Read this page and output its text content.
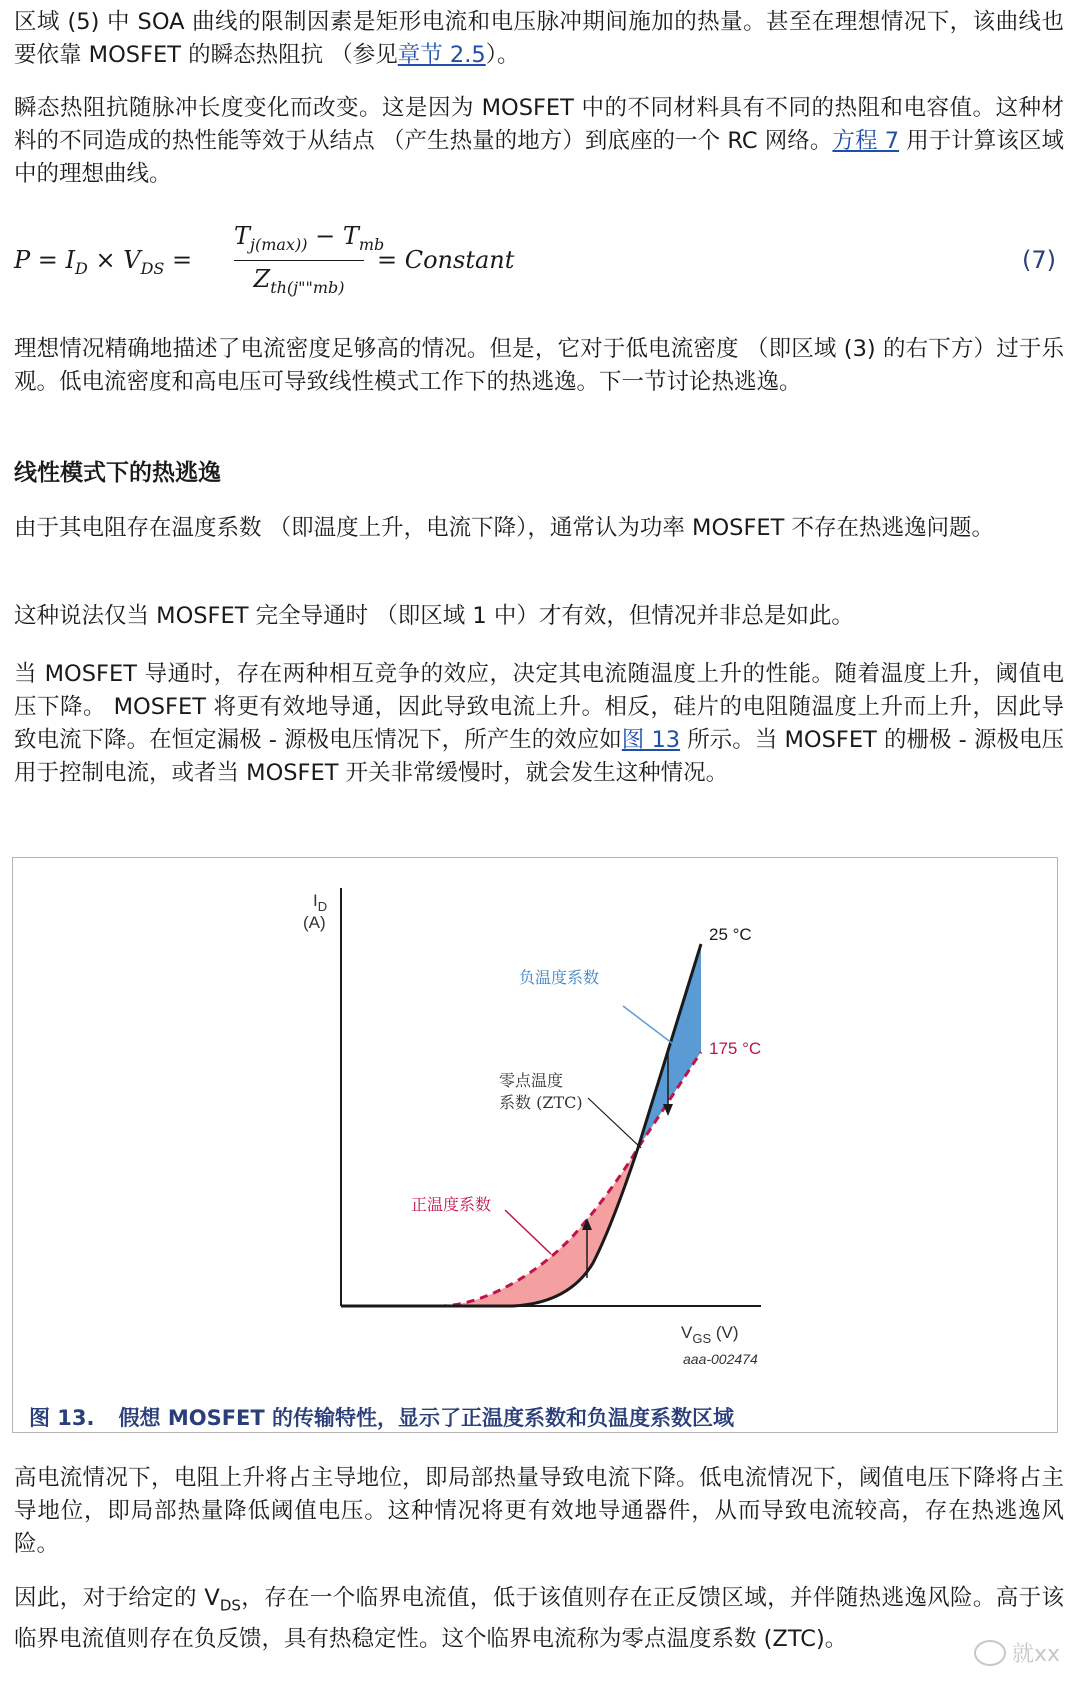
区域 (5) 中 SOA 曲线的限制因素是矩形电流和电压脉冲期间施加的热量。甚至在理想情况下，该曲线也要依靠 MOSFET 的瞬态热阻抗 （参见章节 2.5）。

瞬态热阻抗随脉冲长度变化而改变。这是因为 MOSFET 中的不同材料具有不同的热阻和电容值。这种材料的不同造成的热性能等效于从结点 （产生热量的地方）到底座的一个 RC 网络。方程 7 用于计算该区域中的理想曲线。

$P = I_D \times V_{DS}$ =
$T_{j(max))} - T_{mb}$
$Z_{th(j""mb)}$
= Constant	(7)

理想情况精确地描述了电流密度足够高的情况。但是，它对于低电流密度 （即区域 (3) 的右下方）过于乐观。低电流密度和高电压可导致线性模式工作下的热逃逸。下一节讨论热逃逸。

线性模式下的热逃逸

由于其电阻存在温度系数 （即温度上升，电流下降），通常认为功率 MOSFET 不存在热逃逸问题。

这种说法仅当 MOSFET 完全导通时 （即区域 1 中）才有效，但情况并非总是如此。

当 MOSFET 导通时，存在两种相互竞争的效应，决定其电流随温度上升的性能。随着温度上升，阈值电压下降。 MOSFET 将更有效地导通，因此导致电流上升。相反，硅片的电阻随温度上升而上升，因此导致电流下降。在恒定漏极 - 源极电压情况下，所产生的效应如图 13 所示。当 MOSFET 的栅极 - 源极电压用于控制电流，或者当 MOSFET 开关非常缓慢时，就会发生这种情况。

$I_D$
(A)
$V_{GS}$ (V)
25 °C
175 °C
负温度系数
零点温度
系数 (ZTC)
正温度系数
aaa-002474

图 13. 假想 MOSFET 的传输特性，显示了正温度系数和负温度系数区域

高电流情况下，电阻上升将占主导地位，即局部热量导致电流下降。低电流情况下，阈值电压下降将占主导地位，即局部热量降低阈值电压。这种情况将更有效地导通器件，从而导致电流较高，存在热逃逸风险。

因此，对于给定的 $V_{DS}$，存在一个临界电流值，低于该值则存在正反馈区域，并伴随热逃逸风险。高于该临界电流值则存在负反馈，具有热稳定性。这个临界电流称为零点温度系数 (ZTC)。

就xx
